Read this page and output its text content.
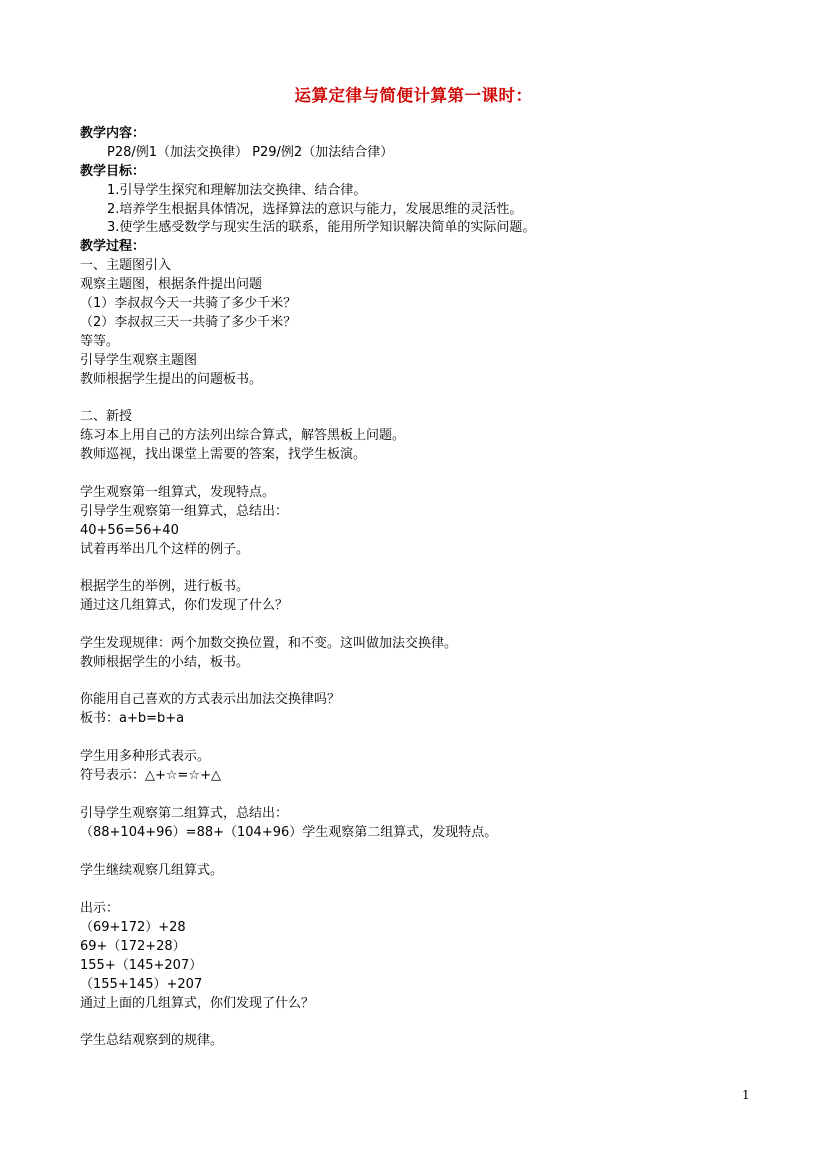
运算定律与简便计算第一课时：
教学内容：
P28/例1（加法交换律） P29/例2（加法结合律）
教学目标：
1.引导学生探究和理解加法交换律、结合律。
2.培养学生根据具体情况，选择算法的意识与能力，发展思维的灵活性。
3.使学生感受数学与现实生活的联系，能用所学知识解决简单的实际问题。
教学过程：
一、主题图引入
观察主题图，根据条件提出问题
（1）李叔叔今天一共骑了多少千米？
（2）李叔叔三天一共骑了多少千米？
等等。
引导学生观察主题图
教师根据学生提出的问题板书。
二、新授
练习本上用自己的方法列出综合算式，解答黑板上问题。
教师巡视，找出课堂上需要的答案，找学生板演。
学生观察第一组算式，发现特点。
引导学生观察第一组算式，总结出：
40+56=56+40
试着再举出几个这样的例子。
根据学生的举例，进行板书。
通过这几组算式，你们发现了什么？
学生发现规律：两个加数交换位置，和不变。这叫做加法交换律。
教师根据学生的小结，板书。
你能用自己喜欢的方式表示出加法交换律吗？
板书：a+b=b+a
学生用多种形式表示。
符号表示：△+☆=☆+△
引导学生观察第二组算式，总结出：
（88+104+96）=88+（104+96）学生观察第二组算式，发现特点。
学生继续观察几组算式。
出示：
（69+172）+28
69+（172+28）
155+（145+207）
（155+145）+207
通过上面的几组算式，你们发现了什么？
学生总结观察到的规律。
1
